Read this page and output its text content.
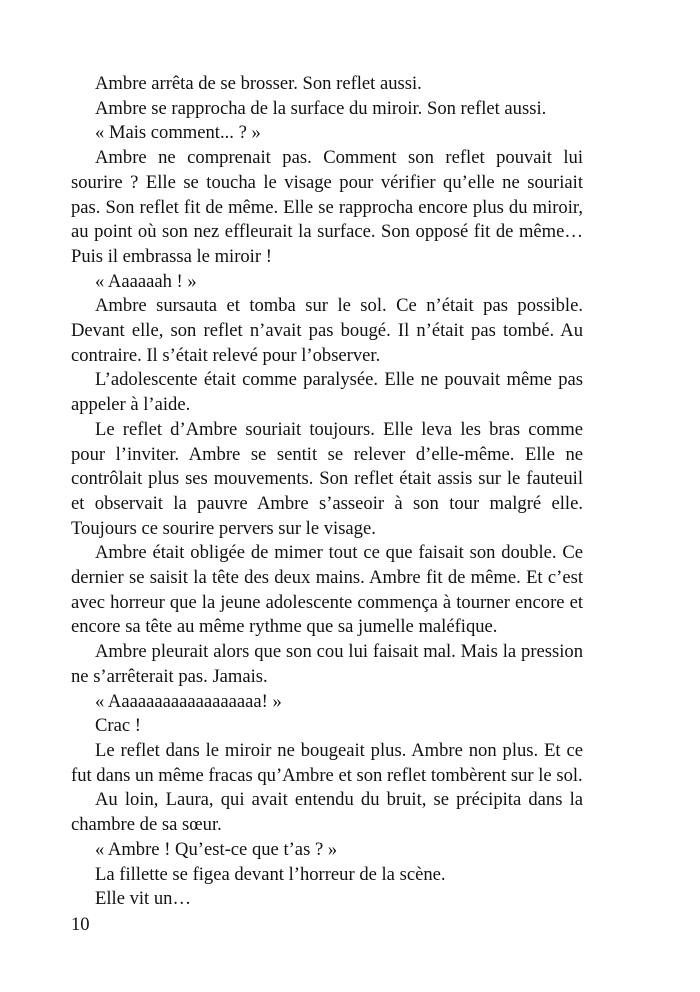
Ambre arrêta de se brosser. Son reflet aussi.

Ambre se rapprocha de la surface du miroir. Son reflet aussi.

« Mais comment... ? »

Ambre ne comprenait pas. Comment son reflet pouvait lui sourire ? Elle se toucha le visage pour vérifier qu’elle ne souriait pas. Son reflet fit de même. Elle se rapprocha encore plus du miroir, au point où son nez effleurait la surface. Son opposé fit de même… Puis il embrassa le miroir !

« Aaaaaah ! »

Ambre sursauta et tomba sur le sol. Ce n’était pas possible. Devant elle, son reflet n’avait pas bougé. Il n’était pas tombé. Au contraire. Il s’était relevé pour l’observer.

L’adolescente était comme paralysée. Elle ne pouvait même pas appeler à l’aide.

Le reflet d’Ambre souriait toujours. Elle leva les bras comme pour l’inviter. Ambre se sentit se relever d’elle-même. Elle ne contrôlait plus ses mouvements. Son reflet était assis sur le fauteuil et observait la pauvre Ambre s’asseoir à son tour malgré elle. Toujours ce sourire pervers sur le visage.

Ambre était obligée de mimer tout ce que faisait son double. Ce dernier se saisit la tête des deux mains. Ambre fit de même. Et c’est avec horreur que la jeune adolescente commença à tourner encore et encore sa tête au même rythme que sa jumelle maléfique.

Ambre pleurait alors que son cou lui faisait mal. Mais la pression ne s’arrêterait pas. Jamais.

« Aaaaaaaaaaaaaaaaaa! »

Crac !

Le reflet dans le miroir ne bougeait plus. Ambre non plus. Et ce fut dans un même fracas qu’Ambre et son reflet tombèrent sur le sol.

Au loin, Laura, qui avait entendu du bruit, se précipita dans la chambre de sa sœur.

« Ambre ! Qu’est-ce que t’as ? »

La fillette se figea devant l’horreur de la scène.

Elle vit un…

10
